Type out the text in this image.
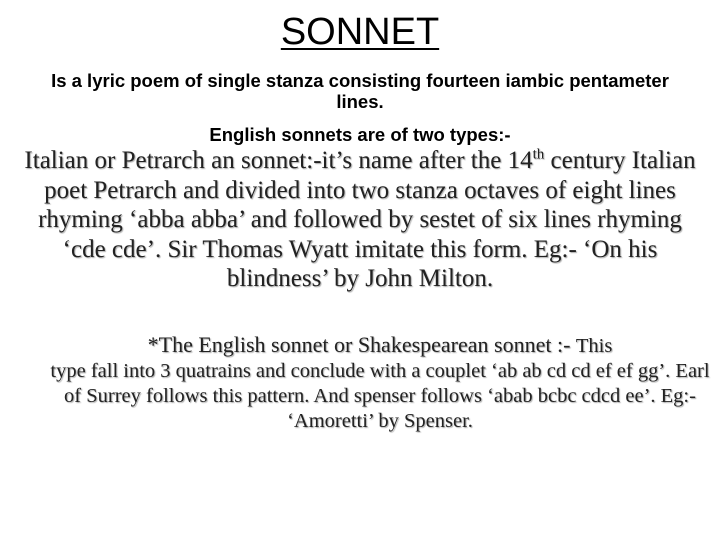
SONNET
Is a lyric poem of single stanza consisting fourteen iambic pentameter lines.
English sonnets are of two types:-
Italian or Petrarch an sonnet:-it’s name after the 14th century Italian poet Petrarch and divided into two stanza octaves of eight lines rhyming ‘abba abba’ and followed by sestet of six lines rhyming ‘cde cde’. Sir Thomas Wyatt imitate this form. Eg:- ‘On his blindness’ by John Milton.
*The English sonnet or Shakespearean sonnet :- This
type fall into 3 quatrains and conclude with a couplet ‘ab ab cd cd ef ef gg’. Earl of Surrey follows this pattern. And spenser follows ‘abab bcbc cdcd ee’. Eg:- ‘Amoretti’ by Spenser.
